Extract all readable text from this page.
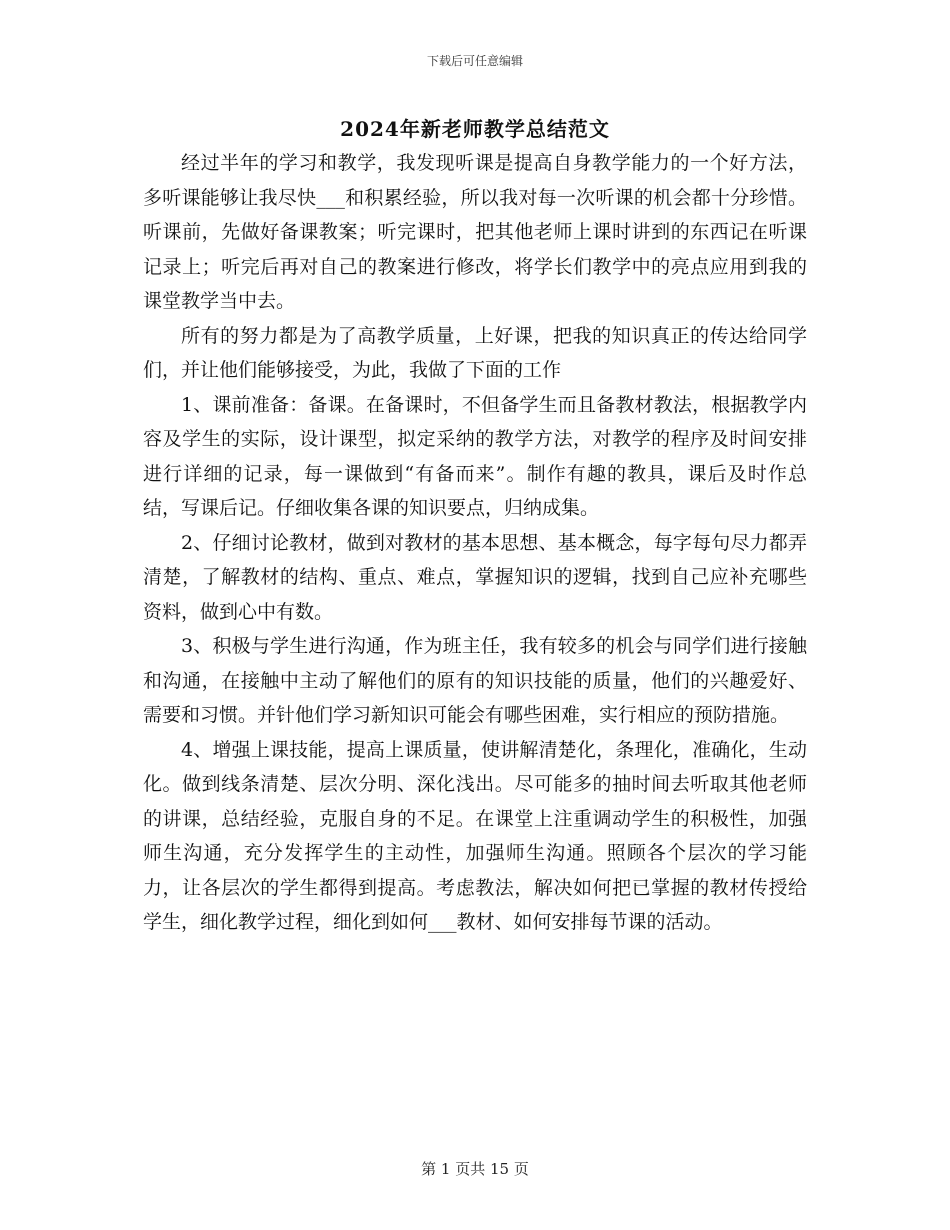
下载后可任意编辑
2024年新老师教学总结范文

经过半年的学习和教学，我发现听课是提高自身教学能力的一个好方法，多听课能够让我尽快___和积累经验，所以我对每一次听课的机会都十分珍惜。听课前，先做好备课教案；听完课时，把其他老师上课时讲到的东西记在听课记录上；听完后再对自己的教案进行修改，将学长们教学中的亮点应用到我的课堂教学当中去。

所有的努力都是为了高教学质量，上好课，把我的知识真正的传达给同学们，并让他们能够接受，为此，我做了下面的工作

1、课前准备：备课。在备课时，不但备学生而且备教材教法，根据教学内容及学生的实际，设计课型，拟定采纳的教学方法，对教学的程序及时间安排进行详细的记录，每一课做到“有备而来”。制作有趣的教具，课后及时作总结，写课后记。仔细收集各课的知识要点，归纳成集。

2、仔细讨论教材，做到对教材的基本思想、基本概念，每字每句尽力都弄清楚，了解教材的结构、重点、难点，掌握知识的逻辑，找到自己应补充哪些资料，做到心中有数。

3、积极与学生进行沟通，作为班主任，我有较多的机会与同学们进行接触和沟通，在接触中主动了解他们的原有的知识技能的质量，他们的兴趣爱好、需要和习惯。并针他们学习新知识可能会有哪些困难，实行相应的预防措施。

4、增强上课技能，提高上课质量，使讲解清楚化，条理化，准确化，生动化。做到线条清楚、层次分明、深化浅出。尽可能多的抽时间去听取其他老师的讲课，总结经验，克服自身的不足。在课堂上注重调动学生的积极性，加强师生沟通，充分发挥学生的主动性，加强师生沟通。照顾各个层次的学习能力，让各层次的学生都得到提高。考虑教法，解决如何把已掌握的教材传授给学生，细化教学过程，细化到如何___教材、如何安排每节课的活动。

第 1 页共 15 页
